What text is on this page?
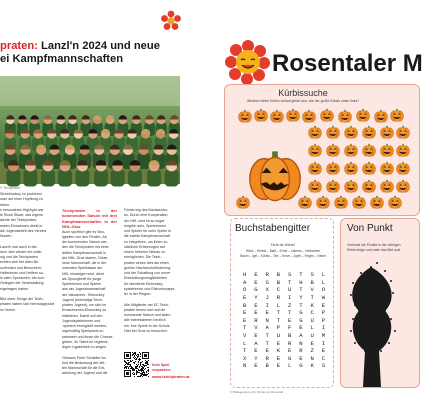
praten: Lanzl'n 2024 und neue
ei Kampfmannschaften
© Teichpiraten
Streethockey zu probieren
oder auf einer Hupfburg zu
toben.
n besonderes Highlight war
ie Show Stuart, das eigene
alente der Teichpiraten,
essen Einnahmen direkt in
die Jugendarbeit des Vereins
flossen.

Lanzl'n war auch in die-
sem Jahr wieder ein voller
olg und die Teichpiraten
echten sich bei allen Be-
uchenden und Besuchern,
Helferinnen und Helfern so-
ie allen Sponsoren, die zum
Gelingen der Veranstaltung
eigetragen haben.

Bild oben: Einige der Teich-
piraten haben sich herrausgeputzt
im Verein.
Teichpiraten in der kommenden Saison mit drei Kampfmannschaften in der NHL-Graz
Auch sportlich gibt es Neu-
igkeiten von den Piraten. Ab
der kommenden Saison wer-
den die Teichpiraten mit einer
dritten Kampfmannschaft in
der NHL-Graz starten. Diese
neue Mannschaft, die in der
untersten Spielklasse der
NHL einsteigen wird, dient
als Sprungbrett für junge
Spielerinnen und Spieler
aus der Jugendmannschaft
der Vatcatzers - Eishockey
Jugend (ehemalige Teich-
piraten Jugend), um sich im
Erwachsenen-Eishockey zu
etablieren. Damit soll den
Jugendspielerinnen und
-spielern ermöglicht werden,
regelmäßig Spielpraxis zu
sammeln und ihnen die Chance
geben, ihr Talent im regelmä-
ßigen Ligabetrieb zu zeigen.

Obmann Peter Schadler be-
tont die Bedeutung der drit-
ten Mannschaft für die Ent-
wicklung der Jugend und die
Förderung des Nachwuchs-
es. Durch eine Kooperation
der NHL wird es so sogar
möglich sein, Spielerinnen
und Spieler für zehn Spiele in
die zweite Kampfmannschaft
zu integrieren, um ihnen zu-
sätzliche Erfahrungen auf
einem höheren Niveau zu
ermöglichen. Die Teich-
piraten sehen dies als einen
großen Nachwuchsförderung
und der Schaffung von neuer
Entwicklungsmöglichkeiten
für talentierte Eishockey-
spielerinnen und Eishockeyspie-
ler in der Region.

Alle Mitglieder der EC Teich-
piraten freuen sich auf die
kommende Saison und laden
alle Interessierten herzlich
ein, ihre Spiele in der Schule
Hart bei Graz zu besuchen.
Kein Spiel
verpassen:
www.teichpiraten.at
Rosentaler M
Kürbissuche
Welcher kleine Kürbis schaut gleich aus, wie der große Kürbis unten links?
Buchstabengitter
Finde die Wörter!
Wind – Herbst – Blatt – Ernte – Laterne – Halloween
Baum – Igel – Kürbis – Tee – Kerze – Apfel – Regen – Nebel
H	E	R	B	S	T	S	L
A	E	S	B	T	H	B	L
O	G	X	C	U	T	V	O
E	Y	J	R	I	Y	T	W
B	E	I	L	Z	T	K	E
E	E	E	T	T	G	C	P
E	R	N	T	E	G	U	P
T	V	A	P	F	E	L	I
V	E	T	U	B	A	U	M
L	A	T	E	R	N	E	I
T	E	E	K	E	R	Z	E
X	Y	R	E	G	E	N	C
N	E	B	E	L	G	K	S
Von Punkt
Verbinde die Punkte in der richtigen Reihenfolge und male das Bild aus!
© Bildagenturen für Kinder am Rosental
